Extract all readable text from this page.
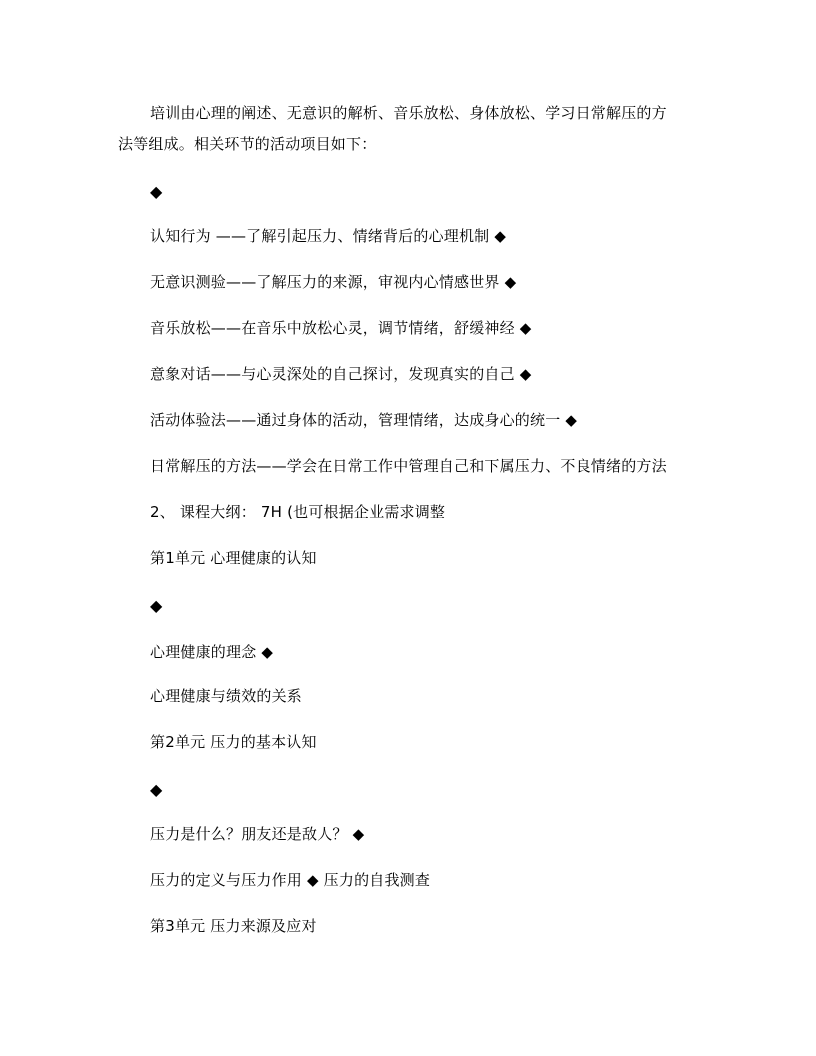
培训由心理的阐述、无意识的解析、音乐放松、身体放松、学习日常解压的方
法等组成。相关环节的活动项目如下：
◆
认知行为 ——了解引起压力、情绪背后的心理机制 ◆
无意识测验——了解压力的来源，审视内心情感世界 ◆
音乐放松——在音乐中放松心灵，调节情绪，舒缓神经 ◆
意象对话——与心灵深处的自己探讨，发现真实的自己 ◆
活动体验法——通过身体的活动，管理情绪，达成身心的统一 ◆
日常解压的方法——学会在日常工作中管理自己和下属压力、不良情绪的方法
2、 课程大纲： 7H (也可根据企业需求调整
第1单元 心理健康的认知
◆
心理健康的理念 ◆
心理健康与绩效的关系
第2单元 压力的基本认知
◆
压力是什么？朋友还是敌人？ ◆
压力的定义与压力作用 ◆ 压力的自我测查
第3单元 压力来源及应对
